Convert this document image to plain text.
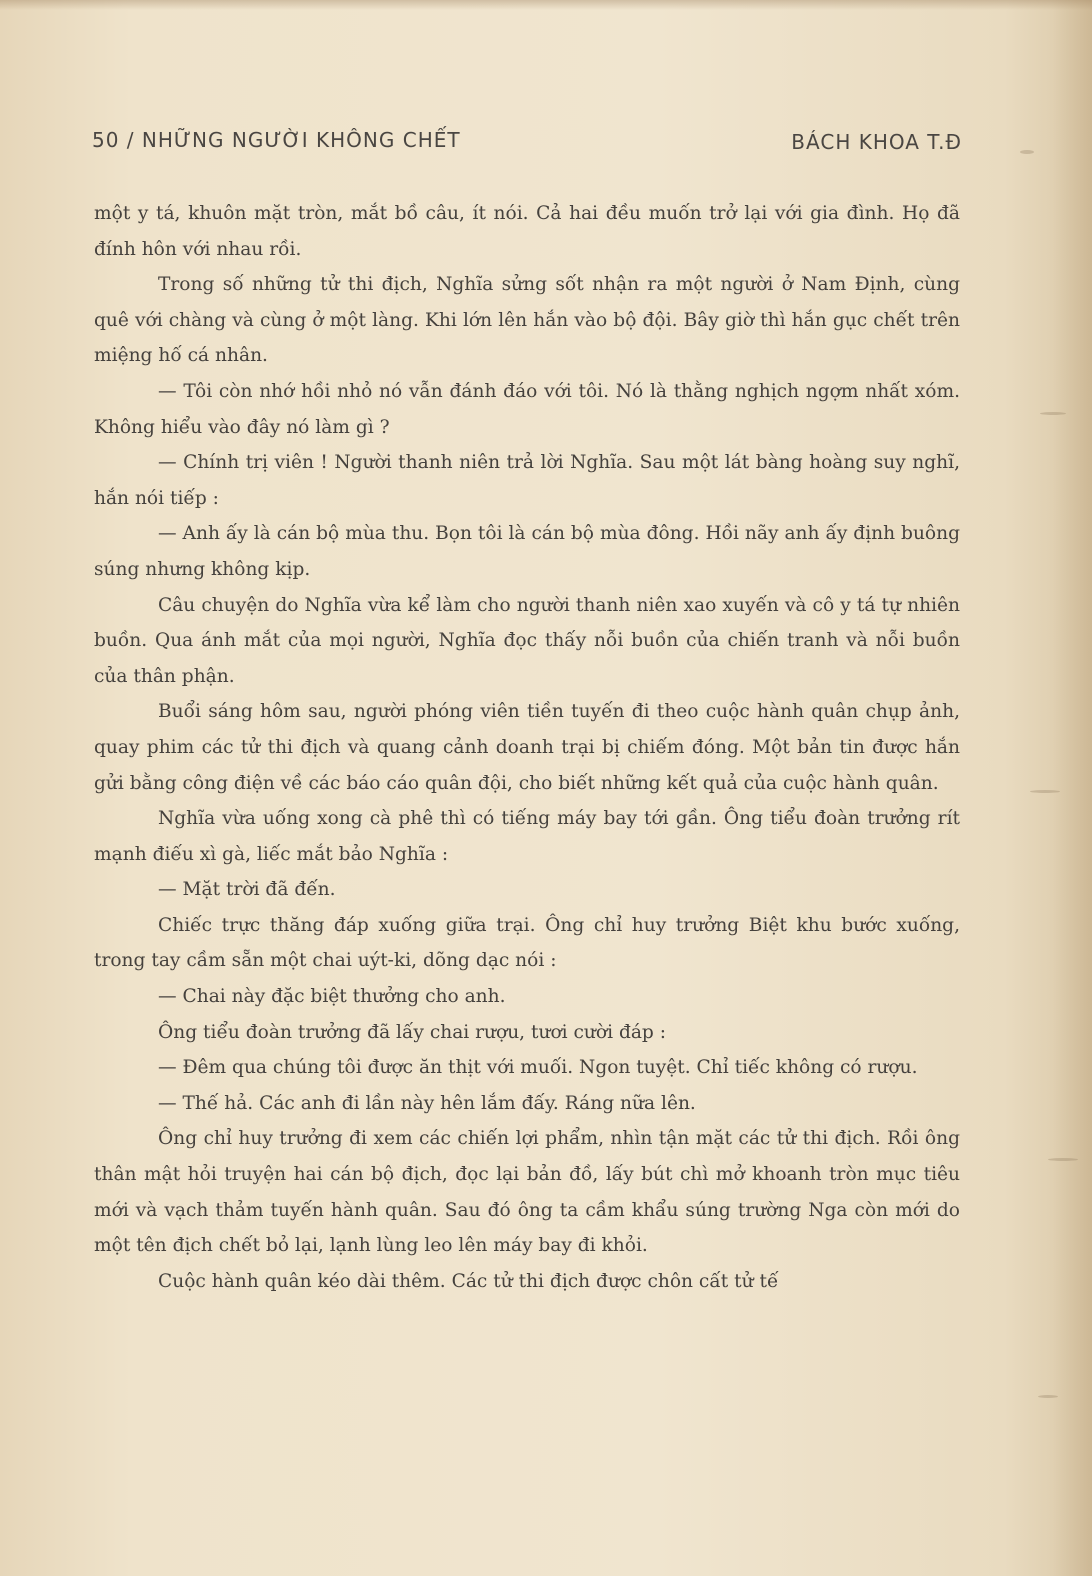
50 / NHỮNG NGƯỜI KHÔNG CHẾT	BÁCH KHOA T.Đ

một y tá, khuôn mặt tròn, mắt bồ câu, ít nói. Cả hai đều muốn trở lại với gia đình. Họ đã đính hôn với nhau rồi.

Trong số những tử thi địch, Nghĩa sửng sốt nhận ra một người ở Nam Định, cùng quê với chàng và cùng ở một làng. Khi lớn lên hắn vào bộ đội. Bây giờ thì hắn gục chết trên miệng hố cá nhân.

— Tôi còn nhớ hồi nhỏ nó vẫn đánh đáo với tôi. Nó là thằng nghịch ngợm nhất xóm. Không hiểu vào đây nó làm gì ?

— Chính trị viên ! Người thanh niên trả lời Nghĩa. Sau một lát bàng hoàng suy nghĩ, hắn nói tiếp :

— Anh ấy là cán bộ mùa thu. Bọn tôi là cán bộ mùa đông. Hồi nãy anh ấy định buông súng nhưng không kịp.

Câu chuyện do Nghĩa vừa kể làm cho người thanh niên xao xuyến và cô y tá tự nhiên buồn. Qua ánh mắt của mọi người, Nghĩa đọc thấy nỗi buồn của chiến tranh và nỗi buồn của thân phận.

Buổi sáng hôm sau, người phóng viên tiền tuyến đi theo cuộc hành quân chụp ảnh, quay phim các tử thi địch và quang cảnh doanh trại bị chiếm đóng. Một bản tin được hắn gửi bằng công điện về các báo cáo quân đội, cho biết những kết quả của cuộc hành quân.

Nghĩa vừa uống xong cà phê thì có tiếng máy bay tới gần. Ông tiểu đoàn trưởng rít mạnh điếu xì gà, liếc mắt bảo Nghĩa :

— Mặt trời đã đến.

Chiếc trực thăng đáp xuống giữa trại. Ông chỉ huy trưởng Biệt khu bước xuống, trong tay cầm sẵn một chai uýt-ki, dõng dạc nói :

— Chai này đặc biệt thưởng cho anh.

Ông tiểu đoàn trưởng đã lấy chai rượu, tươi cười đáp :

— Đêm qua chúng tôi được ăn thịt với muối. Ngon tuyệt. Chỉ tiếc không có rượu.

— Thế hả. Các anh đi lần này hên lắm đấy. Ráng nữa lên.

Ông chỉ huy trưởng đi xem các chiến lợi phẩm, nhìn tận mặt các tử thi địch. Rồi ông thân mật hỏi truyện hai cán bộ địch, đọc lại bản đồ, lấy bút chì mở khoanh tròn mục tiêu mới và vạch thảm tuyến hành quân. Sau đó ông ta cầm khẩu súng trường Nga còn mới do một tên địch chết bỏ lại, lạnh lùng leo lên máy bay đi khỏi.

Cuộc hành quân kéo dài thêm. Các tử thi địch được chôn cất tử tế
